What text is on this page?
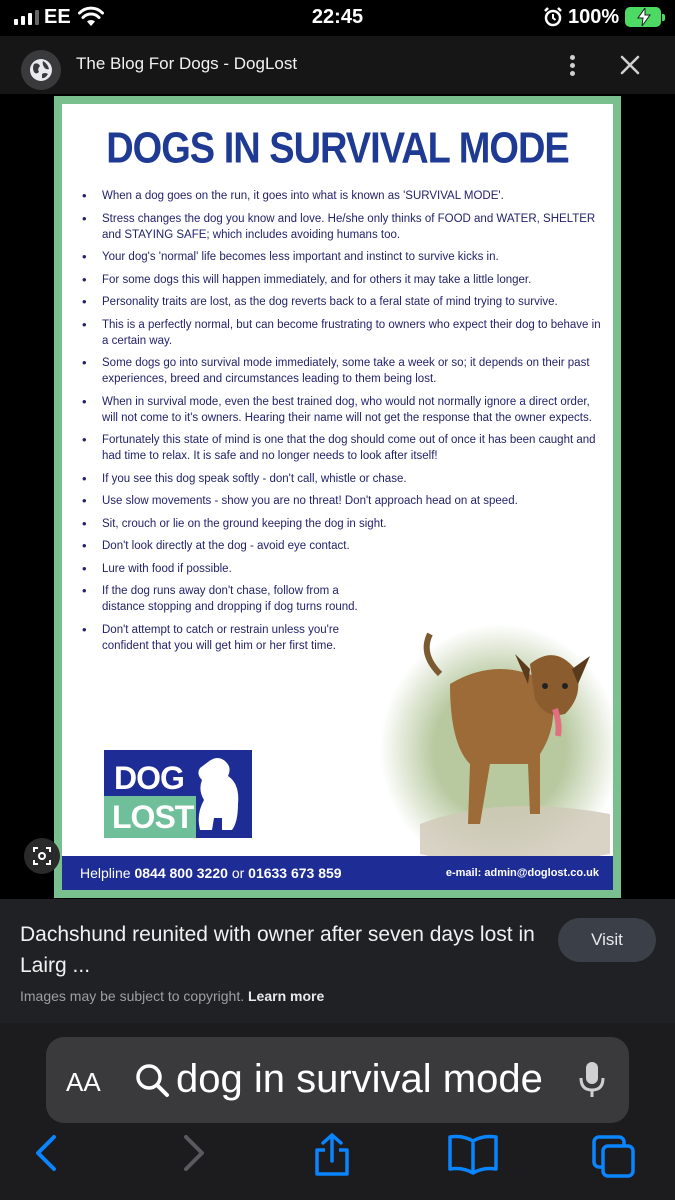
EE	22:45	100%
The Blog For Dogs - DogLost
DOGS IN SURVIVAL MODE
• When a dog goes on the run, it goes into what is known as 'SURVIVAL MODE'.
• Stress changes the dog you know and love. He/she only thinks of FOOD and WATER, SHELTER and STAYING SAFE; which includes avoiding humans too.
• Your dog's 'normal' life becomes less important and instinct to survive kicks in.
• For some dogs this will happen immediately, and for others it may take a little longer.
• Personality traits are lost, as the dog reverts back to a feral state of mind trying to survive.
• This is a perfectly normal, but can become frustrating to owners who expect their dog to behave in a certain way.
• Some dogs go into survival mode immediately, some take a week or so; it depends on their past experiences, breed and circumstances leading to them being lost.
• When in survival mode, even the best trained dog, who would not normally ignore a direct order, will not come to it's owners. Hearing their name will not get the response that the owner expects.
• Fortunately this state of mind is one that the dog should come out of once it has been caught and had time to relax. It is safe and no longer needs to look after itself!
• If you see this dog speak softly - don't call, whistle or chase.
• Use slow movements - show you are no threat! Don't approach head on at speed.
• Sit, crouch or lie on the ground keeping the dog in sight.
• Don't look directly at the dog - avoid eye contact.
• Lure with food if possible.
• If the dog runs away don't chase, follow from a distance stopping and dropping if dog turns round.
• Don't attempt to catch or restrain unless you're confident that you will get him or her first time.
DOG
LOST
Helpline 0844 800 3220 or 01633 673 859	e-mail: admin@doglost.co.uk
Dachshund reunited with owner after seven days lost in Lairg ...
Visit
Images may be subject to copyright. Learn more
AA dog in survival mode
